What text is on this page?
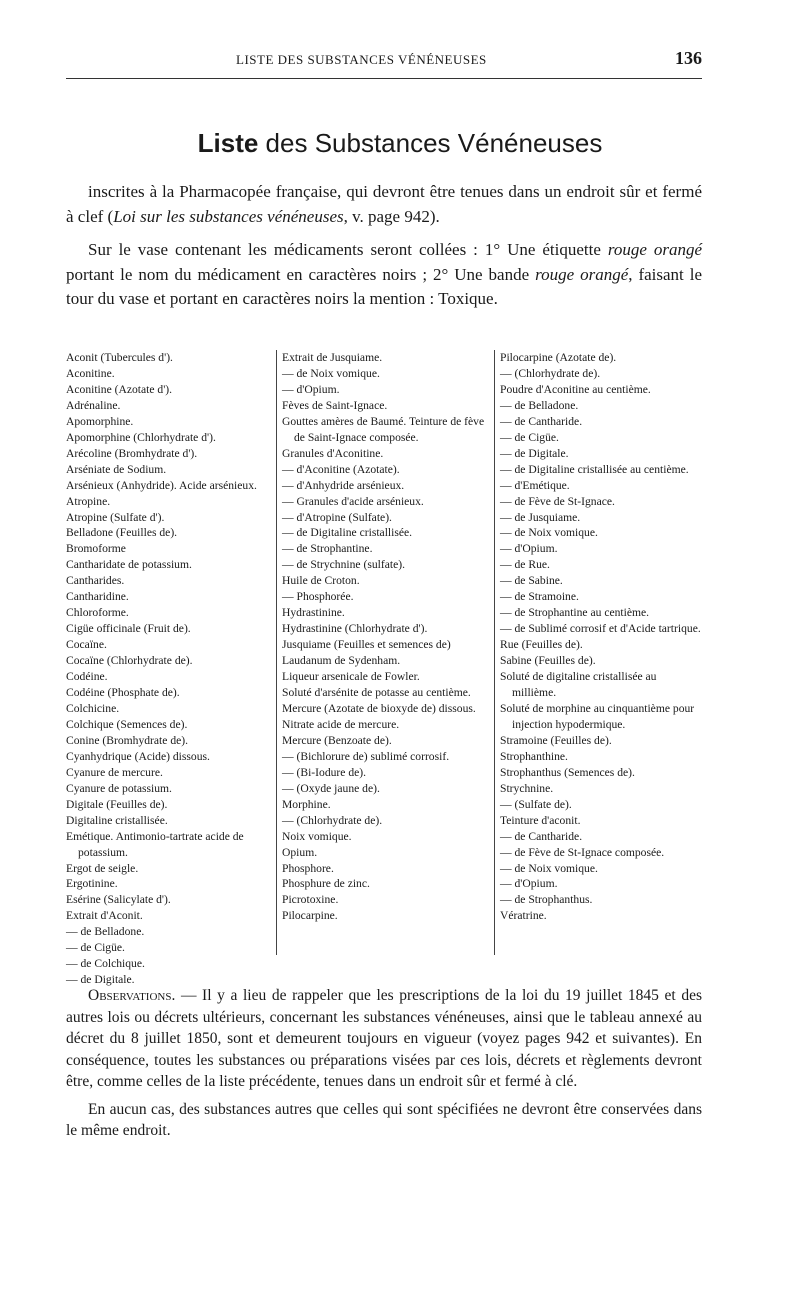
LISTE DES SUBSTANCES VÉNÉNEUSES	136
Liste des Substances Vénéneuses

inscrites à la Pharmacopée française, qui devront être tenues dans un endroit sûr et fermé à clef (Loi sur les substances vénéneuses, v. page 942).

Sur le vase contenant les médicaments seront collées : 1° Une étiquette rouge orangé portant le nom du médicament en caractères noirs ; 2° Une bande rouge orangé, faisant le tour du vase et portant en caractères noirs la mention : Toxique.

Aconit (Tubercules d').

Aconitine.

Aconitine (Azotate d').

Adrénaline.

Apomorphine.

Apomorphine (Chlorhydrate d').

Arécoline (Bromhydrate d').

Arséniate de Sodium.

Arsénieux (Anhydride). Acide arsénieux.

Atropine.

Atropine (Sulfate d').

Belladone (Feuilles de).

Bromoforme

Cantharidate de potassium.

Cantharides.

Cantharidine.

Chloroforme.

Cigüe officinale (Fruit de).

Cocaïne.

Cocaïne (Chlorhydrate de).

Codéine.

Codéine (Phosphate de).

Colchicine.

Colchique (Semences de).

Conine (Bromhydrate de).

Cyanhydrique (Acide) dissous.

Cyanure de mercure.

Cyanure de potassium.

Digitale (Feuilles de).

Digitaline cristallisée.

Emétique. Antimonio-tartrate acide de potassium.

Ergot de seigle.

Ergotinine.

Esérine (Salicylate d').

Extrait d'Aconit.

— de Belladone.

— de Cigüe.

— de Colchique.

— de Digitale.

Extrait de Jusquiame.

— de Noix vomique.

— d'Opium.

Fèves de Saint-Ignace.

Gouttes amères de Baumé. Teinture de fève de Saint-Ignace composée.

Granules d'Aconitine.

— d'Aconitine (Azotate).

— d'Anhydride arsénieux.

— Granules d'acide arsénieux.

— d'Atropine (Sulfate).

— de Digitaline cristallisée.

— de Strophantine.

— de Strychnine (sulfate).

Huile de Croton.

— Phosphorée.

Hydrastinine.

Hydrastinine (Chlorhydrate d').

Jusquiame (Feuilles et semences de)

Laudanum de Sydenham.

Liqueur arsenicale de Fowler.

Soluté d'arsénite de potasse au centième.

Mercure (Azotate de bioxyde de) dissous.

Nitrate acide de mercure.

Mercure (Benzoate de).

— (Bichlorure de) sublimé corrosif.

— (Bi-Iodure de).

— (Oxyde jaune de).

Morphine.

— (Chlorhydrate de).

Noix vomique.

Opium.

Phosphore.

Phosphure de zinc.

Picrotoxine.

Pilocarpine.

Pilocarpine (Azotate de).

— (Chlorhydrate de).

Poudre d'Aconitine au centième.

— de Belladone.

— de Cantharide.

— de Cigüe.

— de Digitale.

— de Digitaline cristallisée au centième.

— d'Emétique.

— de Fève de St-Ignace.

— de Jusquiame.

— de Noix vomique.

— d'Opium.

— de Rue.

— de Sabine.

— de Stramoine.

— de Strophantine au centième.

— de Sublimé corrosif et d'Acide tartrique.

Rue (Feuilles de).

Sabine (Feuilles de).

Soluté de digitaline cristallisée au millième.

Soluté de morphine au cinquantième pour injection hypodermique.

Stramoine (Feuilles de).

Strophanthine.

Strophanthus (Semences de).

Strychnine.

— (Sulfate de).

Teinture d'aconit.

— de Cantharide.

— de Fève de St-Ignace composée.

— de Noix vomique.

— d'Opium.

— de Strophanthus.

Vératrine.

Observations. — Il y a lieu de rappeler que les prescriptions de la loi du 19 juillet 1845 et des autres lois ou décrets ultérieurs, concernant les substances vénéneuses, ainsi que le tableau annexé au décret du 8 juillet 1850, sont et demeurent toujours en vigueur (voyez pages 942 et suivantes). En conséquence, toutes les substances ou préparations visées par ces lois, décrets et règlements devront être, comme celles de la liste précédente, tenues dans un endroit sûr et fermé à clé.

En aucun cas, des substances autres que celles qui sont spécifiées ne devront être conservées dans le même endroit.
